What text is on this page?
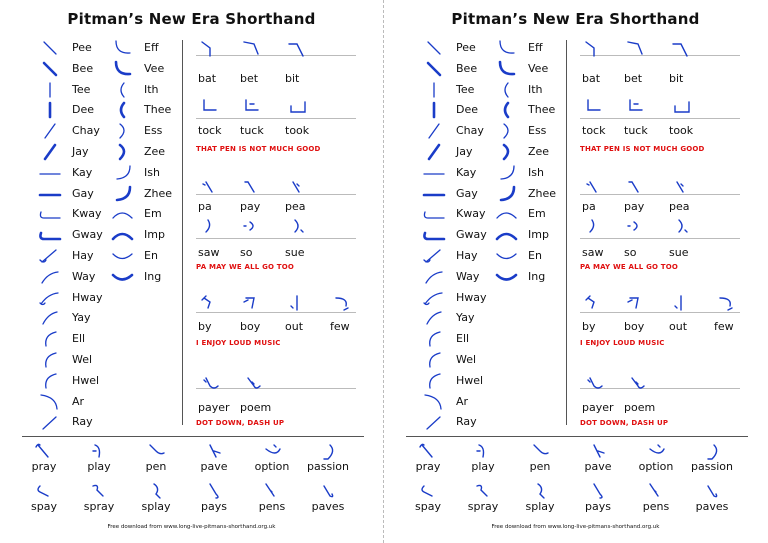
Pitman’s New Era Shorthand
Pee
Bee
Tee
Dee
Chay
Jay
Kay
Gay
Kway
Gway
Hay
Way
Hway
Yay
Ell
Wel
Hwel
Ar
Ray
Eff
Vee
Ith
Thee
Ess
Zee
Ish
Zhee
Em
Imp
En
Ing
bat bet bit
tock tuck took
THAT PEN IS NOT MUCH GOOD
pa	pay pea
saw so	sue
PA MAY WE ALL GO TOO
by	boy out few
I ENJOY LOUD MUSIC
payer poem
DOT DOWN, DASH UP
pray	play	pen	pave	option	passion
spay	spray	splay	pays	pens	paves
Free download from www.long-live-pitmans-shorthand.org.uk
Pitman’s New Era Shorthand
Pee
Bee
Tee
Dee
Chay
Jay
Kay
Gay
Kway
Gway
Hay
Way
Hway
Yay
Ell
Wel
Hwel
Ar
Ray
Eff
Vee
Ith
Thee
Ess
Zee
Ish
Zhee
Em
Imp
En
Ing
bat bet bit
tock tuck took
THAT PEN IS NOT MUCH GOOD
pa	pay pea
saw so	sue
PA MAY WE ALL GO TOO
by	boy out few
I ENJOY LOUD MUSIC
payer poem
DOT DOWN, DASH UP
pray	play	pen	pave	option	passion
spay	spray	splay	pays	pens	paves
Free download from www.long-live-pitmans-shorthand.org.uk
